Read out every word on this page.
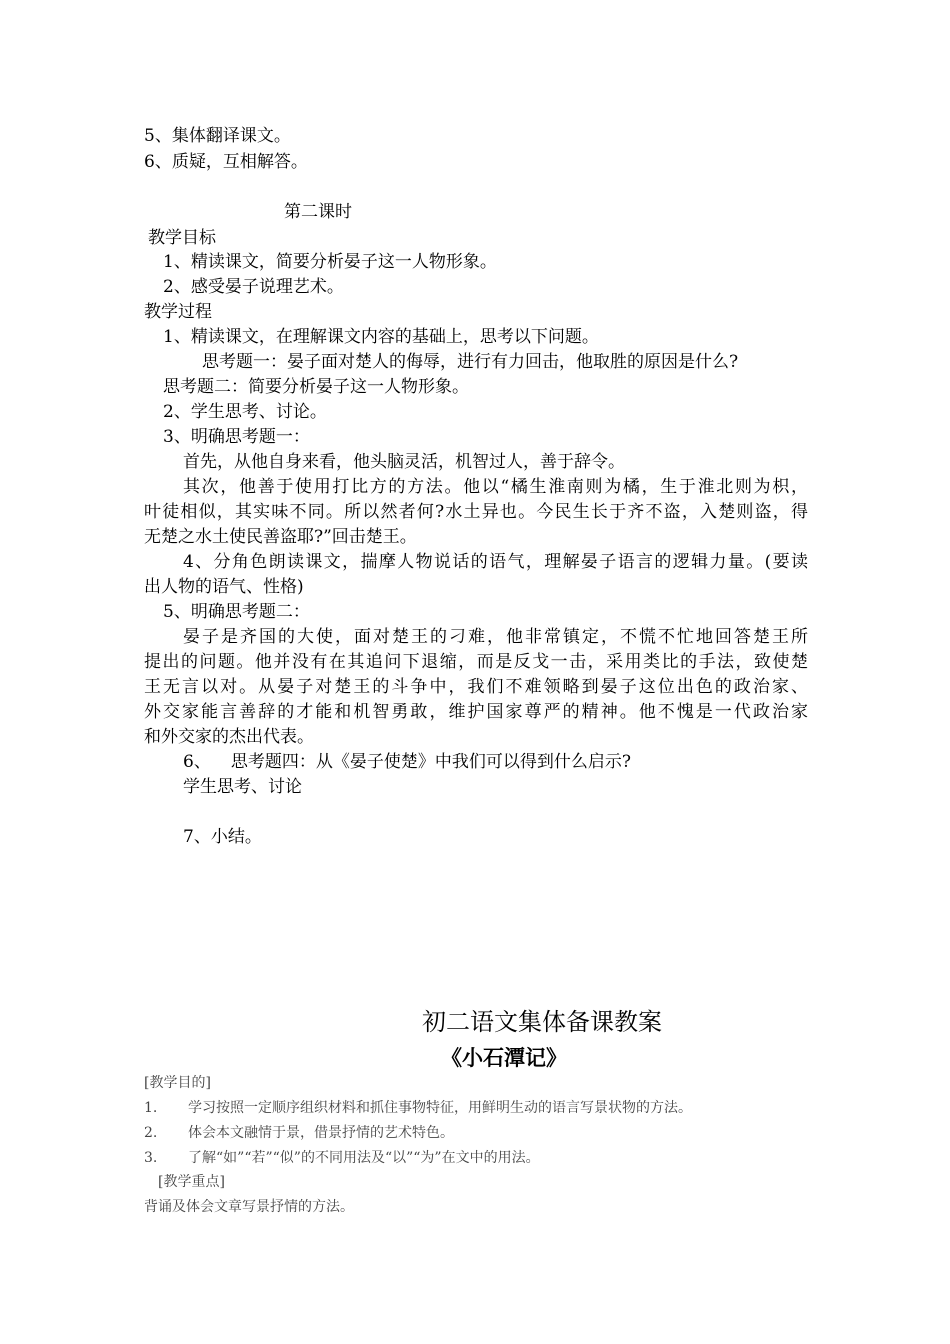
5、集体翻译课文。
6、质疑，互相解答。
第二课时
教学目标
1、精读课文，简要分析晏子这一人物形象。
2、感受晏子说理艺术。
教学过程
1、精读课文，在理解课文内容的基础上，思考以下问题。
思考题一：晏子面对楚人的侮辱，进行有力回击，他取胜的原因是什么?
思考题二：简要分析晏子这一人物形象。
2、学生思考、讨论。
3、明确思考题一：
首先，从他自身来看，他头脑灵活，机智过人，善于辞令。
其次，他善于使用打比方的方法。他以“橘生淮南则为橘，生于淮北则为枳，
叶徒相似，其实味不同。所以然者何?水土异也。今民生长于齐不盗，入楚则盗，得
无楚之水土使民善盗耶?”回击楚王。
4、分角色朗读课文，揣摩人物说话的语气，理解晏子语言的逻辑力量。(要读
出人物的语气、性格)
5、明确思考题二：
晏子是齐国的大使，面对楚王的刁难，他非常镇定，不慌不忙地回答楚王所
提出的问题。他并没有在其追问下退缩，而是反戈一击，采用类比的手法，致使楚
王无言以对。从晏子对楚王的斗争中，我们不难领略到晏子这位出色的政治家、
外交家能言善辞的才能和机智勇敢，维护国家尊严的精神。他不愧是一代政治家
和外交家的杰出代表。
6、 思考题四：从《晏子使楚》中我们可以得到什么启示?
学生思考、讨论
7、小结。
初二语文集体备课教案
《小石潭记》
[教学目的]
1. 学习按照一定顺序组织材料和抓住事物特征，用鲜明生动的语言写景状物的方法。
2. 体会本文融情于景，借景抒情的艺术特色。
3. 了解“如”“若”“似”的不同用法及“以”“为”在文中的用法。
[教学重点]
背诵及体会文章写景抒情的方法。
